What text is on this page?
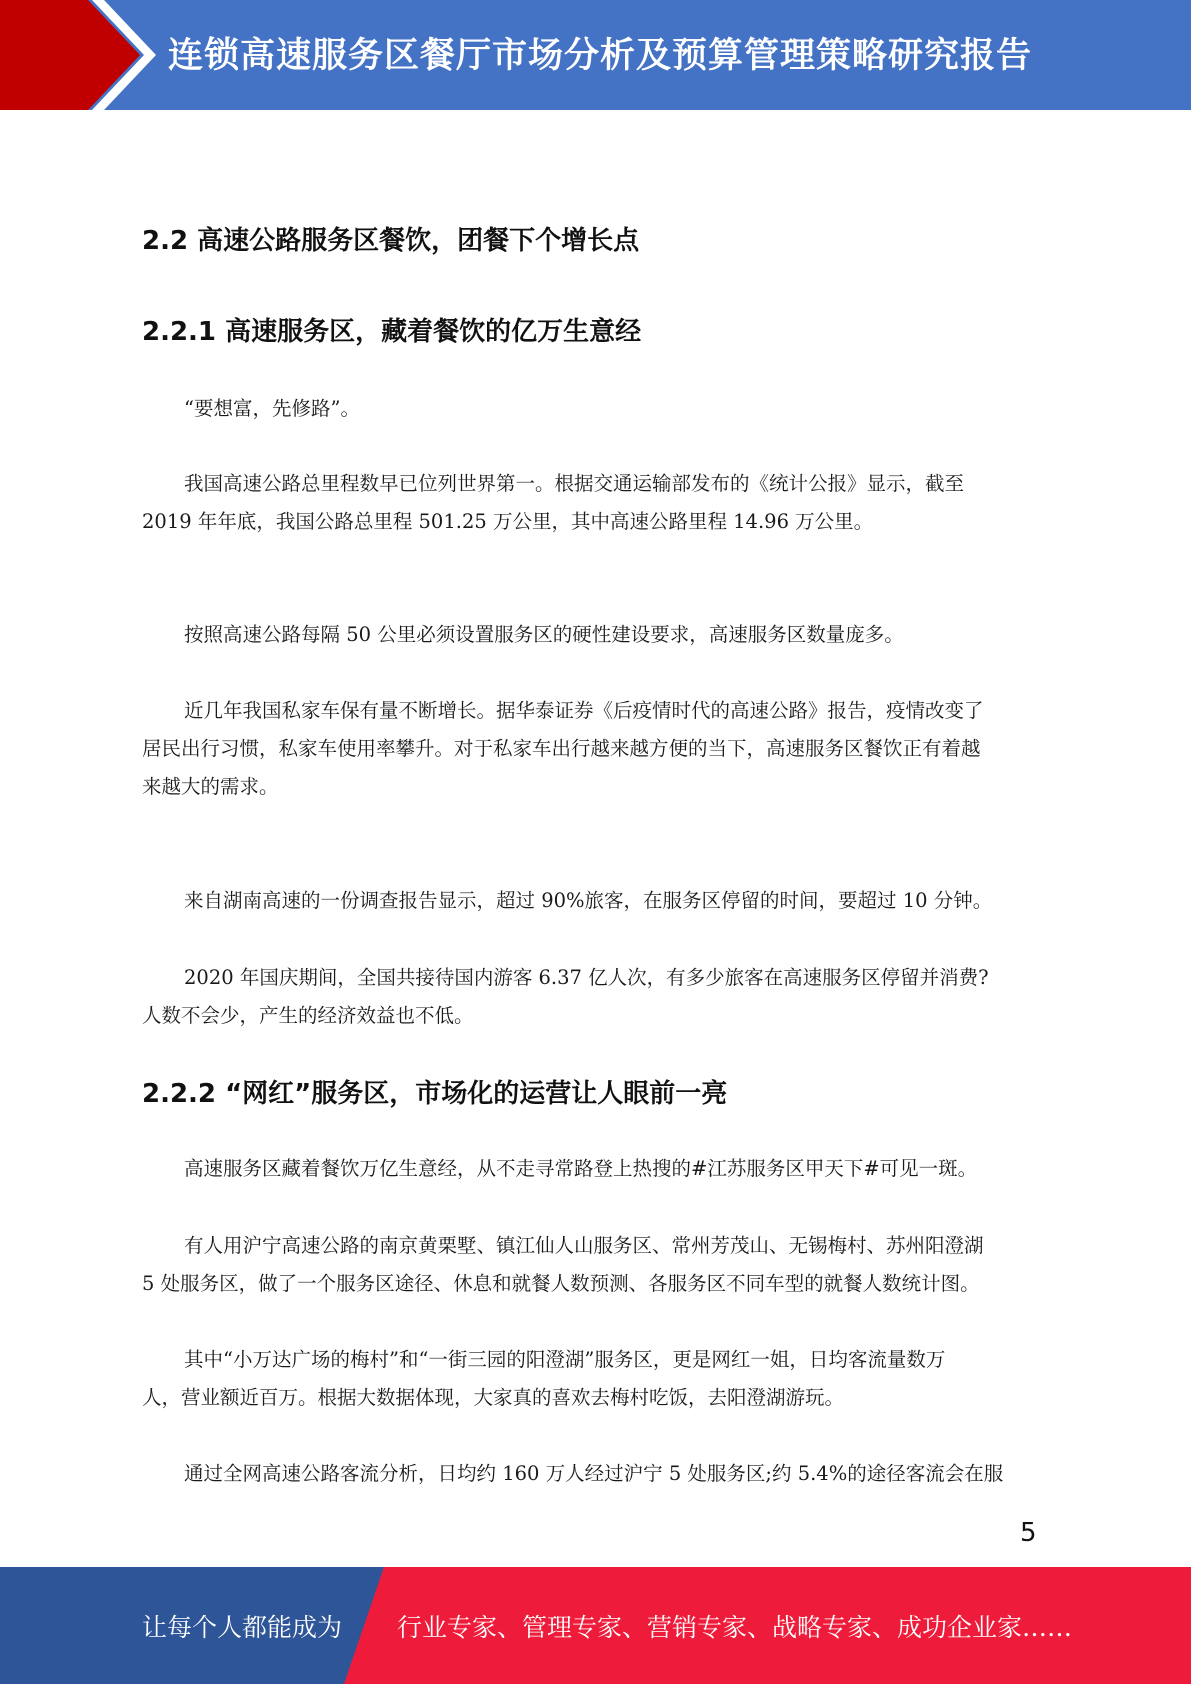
连锁高速服务区餐厅市场分析及预算管理策略研究报告
2.2 高速公路服务区餐饮，团餐下个增长点
2.2.1 高速服务区，藏着餐饮的亿万生意经
“要想富，先修路”。
我国高速公路总里程数早已位列世界第一。根据交通运输部发布的《统计公报》显示，截至
2019 年年底，我国公路总里程 501.25 万公里，其中高速公路里程 14.96 万公里。
按照高速公路每隔 50 公里必须设置服务区的硬性建设要求，高速服务区数量庞多。
近几年我国私家车保有量不断增长。据华泰证券《后疫情时代的高速公路》报告，疫情改变了
居民出行习惯，私家车使用率攀升。对于私家车出行越来越方便的当下，高速服务区餐饮正有着越
来越大的需求。
来自湖南高速的一份调查报告显示，超过 90%旅客，在服务区停留的时间，要超过 10 分钟。
2020 年国庆期间，全国共接待国内游客 6.37 亿人次，有多少旅客在高速服务区停留并消费?
人数不会少，产生的经济效益也不低。
2.2.2 “网红”服务区，市场化的运营让人眼前一亮
高速服务区藏着餐饮万亿生意经，从不走寻常路登上热搜的#江苏服务区甲天下#可见一斑。
有人用沪宁高速公路的南京黄栗墅、镇江仙人山服务区、常州芳茂山、无锡梅村、苏州阳澄湖
5 处服务区，做了一个服务区途径、休息和就餐人数预测、各服务区不同车型的就餐人数统计图。
其中“小万达广场的梅村”和“一街三园的阳澄湖”服务区，更是网红一姐，日均客流量数万
人，营业额近百万。根据大数据体现，大家真的喜欢去梅村吃饭，去阳澄湖游玩。
通过全网高速公路客流分析，日均约 160 万人经过沪宁 5 处服务区;约 5.4%的途径客流会在服
5
让每个人都能成为 行业专家、管理专家、营销专家、战略专家、成功企业家……
